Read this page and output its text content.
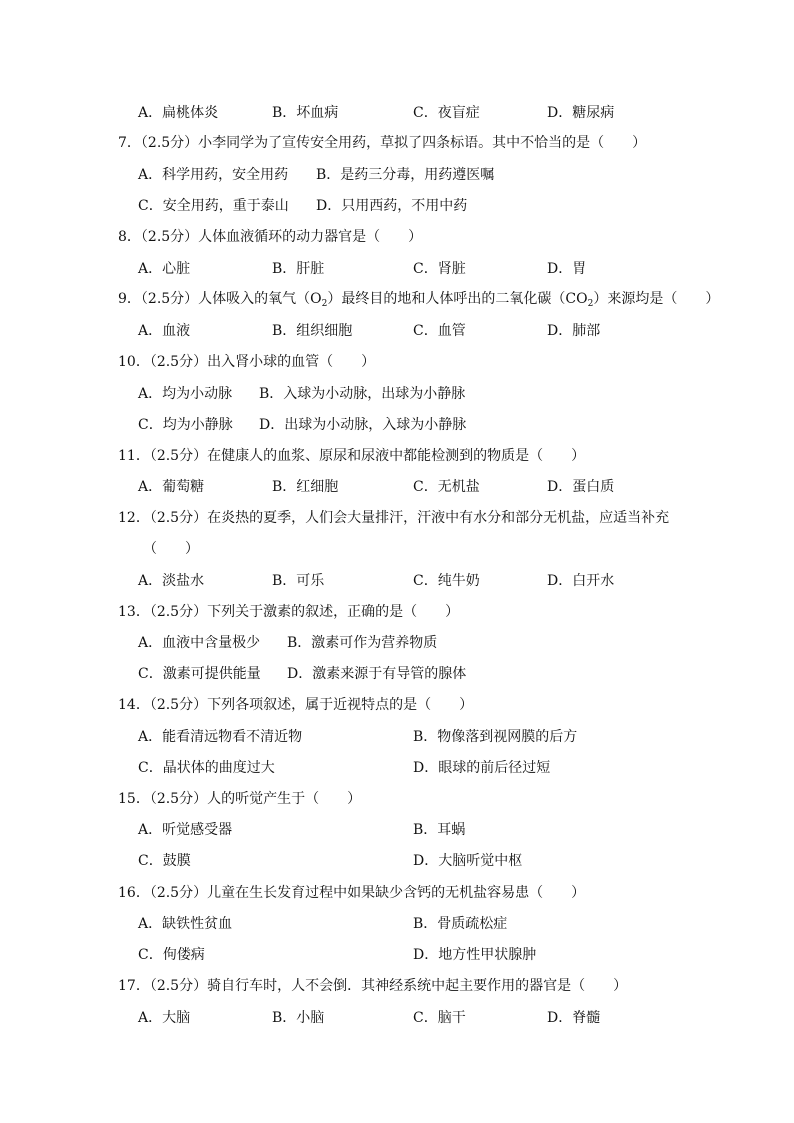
A．扁桃体炎	B．坏血病	C．夜盲症	D．糖尿病
7．（2.5分）小李同学为了宣传安全用药，草拟了四条标语。其中不恰当的是（　　）
A．科学用药，安全用药 B．是药三分毒，用药遵医嘱
C．安全用药，重于泰山 D．只用西药，不用中药
8．（2.5分）人体血液循环的动力器官是（　　）
A．心脏	B．肝脏	C．肾脏	D．胃
9．（2.5分）人体吸入的氧气$(O_2)$最终目的地和人体呼出的二氧化碳$(CO_2)$来源均是（　　）
A．血液	B．组织细胞	C．血管	D．肺部
10．（2.5分）出入肾小球的血管（　　）
A．均为小动脉 B．入球为小动脉，出球为小静脉
C．均为小静脉 D．出球为小动脉，入球为小静脉
11．（2.5分）在健康人的血浆、原尿和尿液中都能检测到的物质是（　　）
A．葡萄糖	B．红细胞	C．无机盐	D．蛋白质
12．（2.5分）在炎热的夏季，人们会大量排汗，汗液中有水分和部分无机盐，应适当补充
（　　）
A．淡盐水	B．可乐	C．纯牛奶	D．白开水
13．（2.5分）下列关于激素的叙述，正确的是（　　）
A．血液中含量极少 B．激素可作为营养物质
C．激素可提供能量 D．激素来源于有导管的腺体
14．（2.5分）下列各项叙述，属于近视特点的是（　　）
A．能看清远物看不清近物	B．物像落到视网膜的后方
C．晶状体的曲度过大	D．眼球的前后径过短
15．（2.5分）人的听觉产生于（　　）
A．听觉感受器	B．耳蜗
C．鼓膜	D．大脑听觉中枢
16．（2.5分）儿童在生长发育过程中如果缺少含钙的无机盐容易患（　　）
A．缺铁性贫血	B．骨质疏松症
C．佝偻病	D．地方性甲状腺肿
17．（2.5分）骑自行车时，人不会倒．其神经系统中起主要作用的器官是（　　）
A．大脑	B．小脑	C．脑干	D．脊髓
